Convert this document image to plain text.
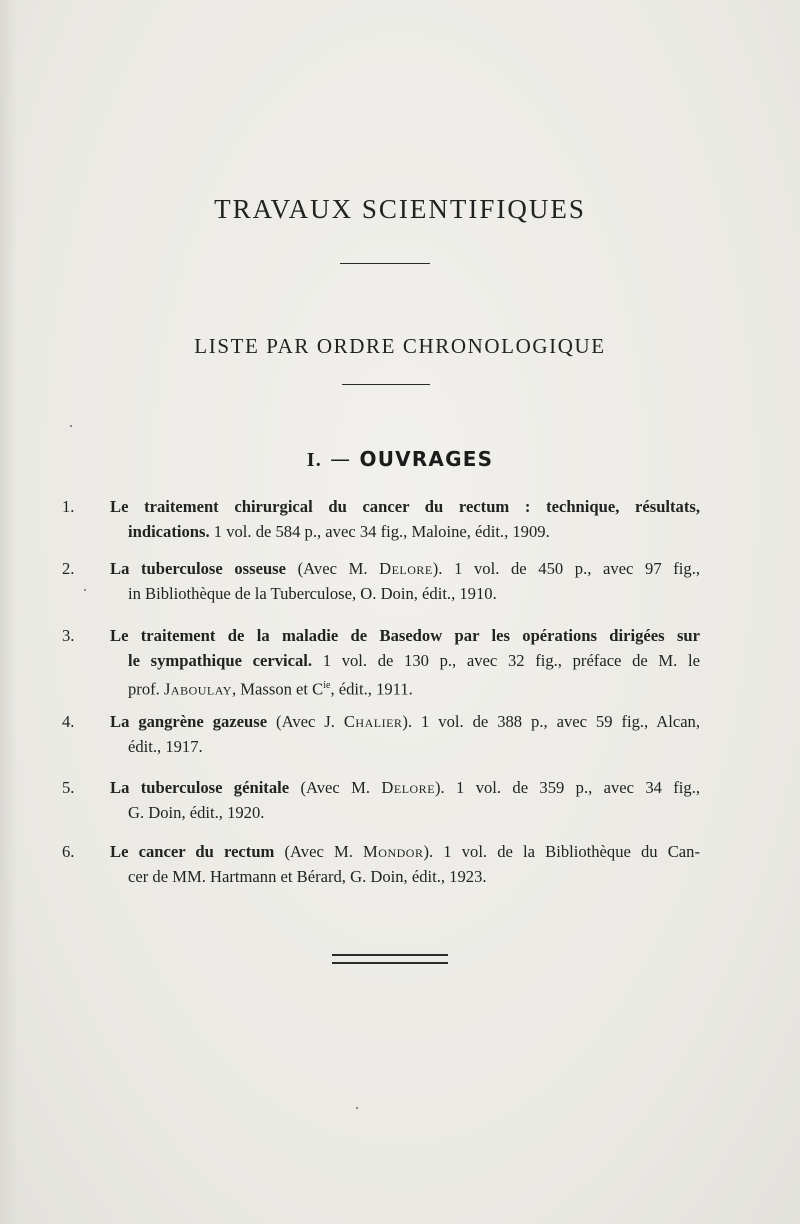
TRAVAUX SCIENTIFIQUES
LISTE PAR ORDRE CHRONOLOGIQUE
I. — OUVRAGES
1. Le traitement chirurgical du cancer du rectum : technique, résultats,
indications. 1 vol. de 584 p., avec 34 fig., Maloine, édit., 1909.
2. La tuberculose osseuse (Avec M. Delore). 1 vol. de 450 p., avec 97 fig.,
in Bibliothèque de la Tuberculose, O. Doin, édit., 1910.
3. Le traitement de la maladie de Basedow par les opérations dirigées sur
le sympathique cervical. 1 vol. de 130 p., avec 32 fig., préface de M. le
prof. Jaboulay, Masson et $C^{ie}$, édit., 1911.
4. La gangrène gazeuse (Avec J. Chalier). 1 vol. de 388 p., avec 59 fig., Alcan,
édit., 1917.
5. La tuberculose génitale (Avec M. Delore). 1 vol. de 359 p., avec 34 fig.,
G. Doin, édit., 1920.
6. Le cancer du rectum (Avec M. Mondor). 1 vol. de la Bibliothèque du Can-
cer de MM. Hartmann et Bérard, G. Doin, édit., 1923.
